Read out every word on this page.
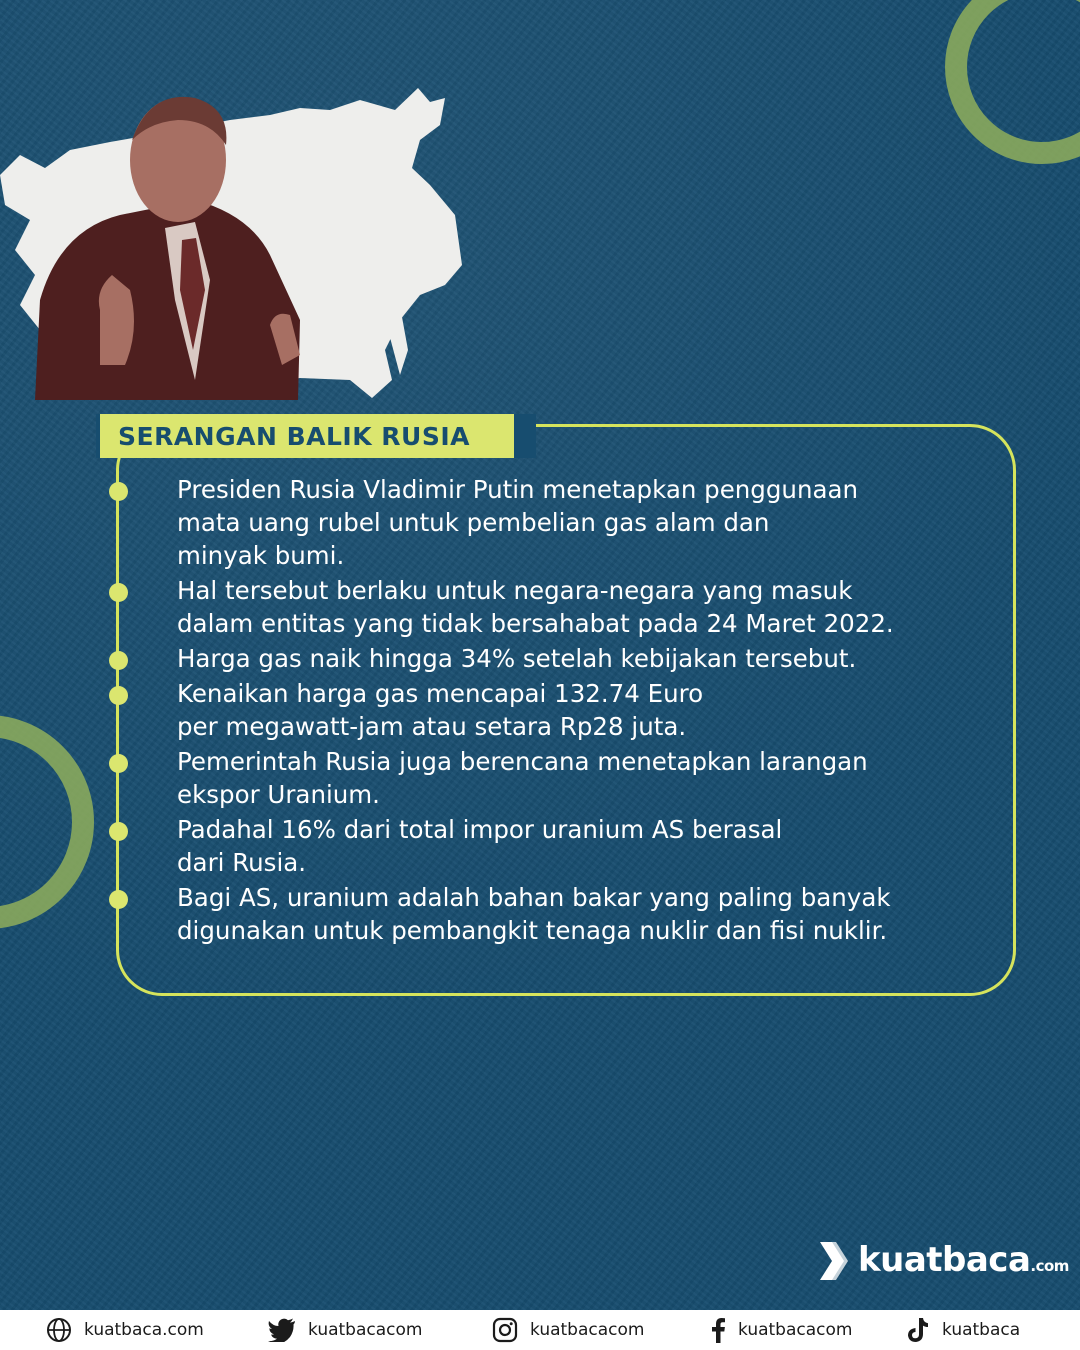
SERANGAN BALIK RUSIA
Presiden Rusia Vladimir Putin menetapkan penggunaan
mata uang rubel untuk pembelian gas alam dan
minyak bumi.
Hal tersebut berlaku untuk negara-negara yang masuk
dalam entitas yang tidak bersahabat pada 24 Maret 2022.
Harga gas naik hingga 34% setelah kebijakan tersebut.
Kenaikan harga gas mencapai 132.74 Euro
per megawatt-jam atau setara Rp28 juta.
Pemerintah Rusia juga berencana menetapkan larangan
ekspor Uranium.
Padahal 16% dari total impor uranium AS berasal
dari Rusia.
Bagi AS, uranium adalah bahan bakar yang paling banyak
digunakan untuk pembangkit tenaga nuklir dan fisi nuklir.
kuatbaca.com
kuatbaca.com	kuatbacacom	kuatbacacom	kuatbacacom	kuatbaca
